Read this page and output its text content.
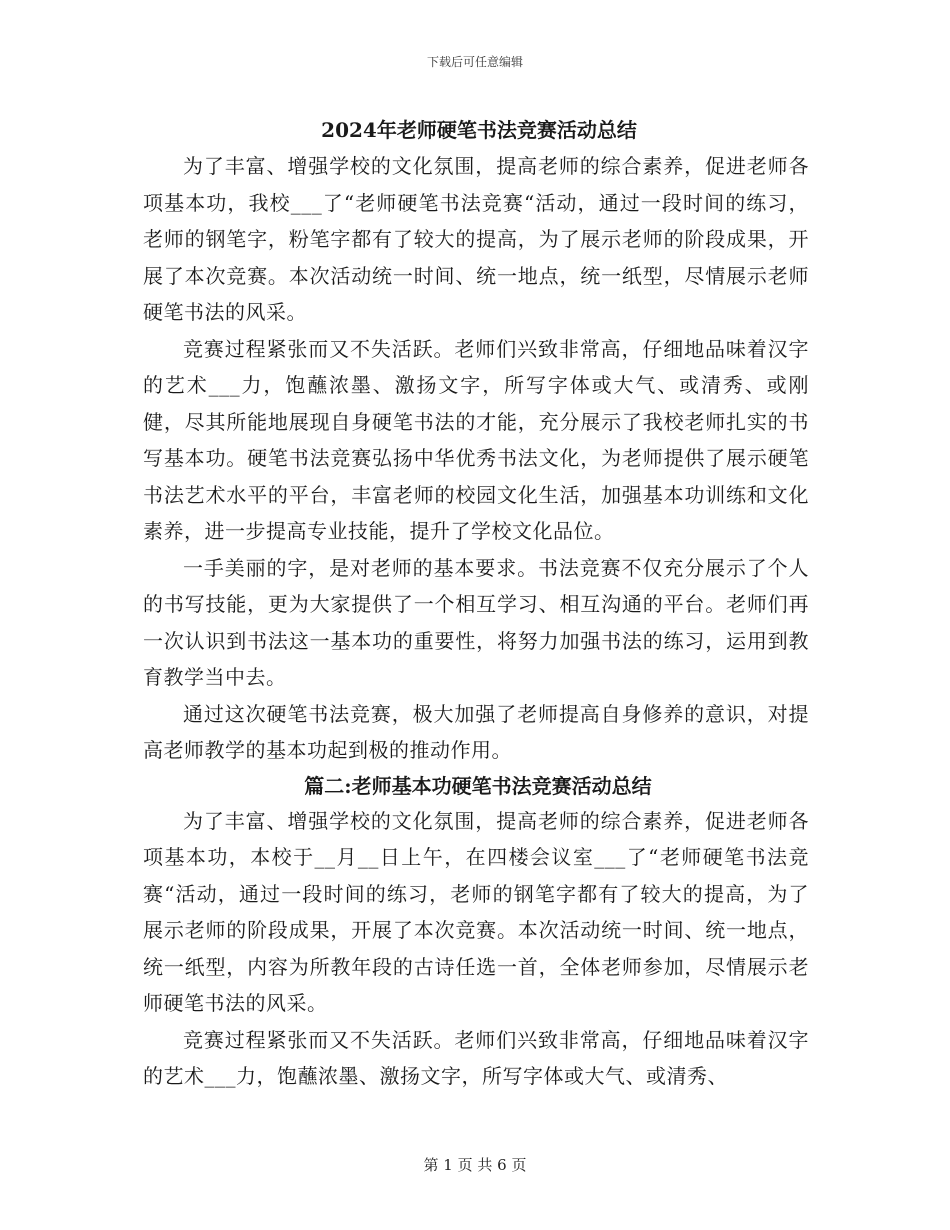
下载后可任意编辑
2024年老师硬笔书法竞赛活动总结

为了丰富、增强学校的文化氛围，提高老师的综合素养，促进老师各项基本功，我校___了“老师硬笔书法竞赛“活动，通过一段时间的练习，老师的钢笔字，粉笔字都有了较大的提高，为了展示老师的阶段成果，开展了本次竞赛。本次活动统一时间、统一地点，统一纸型，尽情展示老师硬笔书法的风采。

竞赛过程紧张而又不失活跃。老师们兴致非常高，仔细地品味着汉字的艺术___力，饱蘸浓墨、激扬文字，所写字体或大气、或清秀、或刚健，尽其所能地展现自身硬笔书法的才能，充分展示了我校老师扎实的书写基本功。硬笔书法竞赛弘扬中华优秀书法文化，为老师提供了展示硬笔书法艺术水平的平台，丰富老师的校园文化生活，加强基本功训练和文化素养，进一步提高专业技能，提升了学校文化品位。

一手美丽的字，是对老师的基本要求。书法竞赛不仅充分展示了个人的书写技能，更为大家提供了一个相互学习、相互沟通的平台。老师们再一次认识到书法这一基本功的重要性，将努力加强书法的练习，运用到教育教学当中去。

通过这次硬笔书法竞赛，极大加强了老师提高自身修养的意识，对提高老师教学的基本功起到极的推动作用。

篇二:老师基本功硬笔书法竞赛活动总结

为了丰富、增强学校的文化氛围，提高老师的综合素养，促进老师各项基本功，本校于__月__日上午，在四楼会议室___了“老师硬笔书法竞赛“活动，通过一段时间的练习，老师的钢笔字都有了较大的提高，为了展示老师的阶段成果，开展了本次竞赛。本次活动统一时间、统一地点，统一纸型，内容为所教年段的古诗任选一首，全体老师参加，尽情展示老师硬笔书法的风采。

竞赛过程紧张而又不失活跃。老师们兴致非常高，仔细地品味着汉字的艺术___力，饱蘸浓墨、激扬文字，所写字体或大气、或清秀、

第 1 页 共 6 页
